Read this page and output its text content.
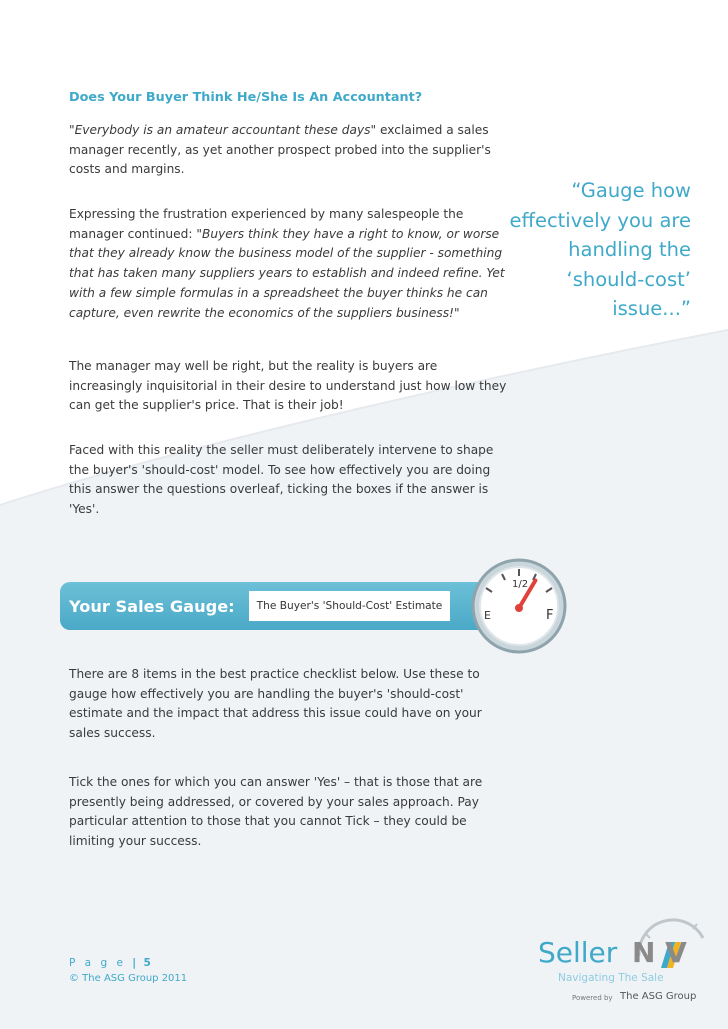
Does Your Buyer Think He/She Is An Accountant?

"Everybody is an amateur accountant these days" exclaimed a sales manager recently, as yet another prospect probed into the supplier's costs and margins.

Expressing the frustration experienced by many salespeople the manager continued: "Buyers think they have a right to know, or worse that they already know the business model of the supplier - something that has taken many suppliers years to establish and indeed refine. Yet with a few simple formulas in a spreadsheet the buyer thinks he can capture, even rewrite the economics of the suppliers business!"

The manager may well be right, but the reality is buyers are increasingly inquisitorial in their desire to understand just how low they can get the supplier's price. That is their job!

Faced with this reality the seller must deliberately intervene to shape the buyer's 'should-cost' model. To see how effectively you are doing this answer the questions overleaf, ticking the boxes if the answer is 'Yes'.

“Gauge how effectively you are handling the ‘should-cost’ issue...”
Your Sales Gauge:	The Buyer's 'Should-Cost' Estimate
1/2
E	F

There are 8 items in the best practice checklist below. Use these to gauge how effectively you are handling the buyer's 'should-cost' estimate and the impact that address this issue could have on your sales success.

Tick the ones for which you can answer 'Yes' – that is those that are presently being addressed, or covered by your sales approach. Pay particular attention to those that you cannot Tick – they could be limiting your success.

P a g e | 5
© The ASG Group 2011
Seller N V
Navigating The Sale
Powered by The ASG Group
